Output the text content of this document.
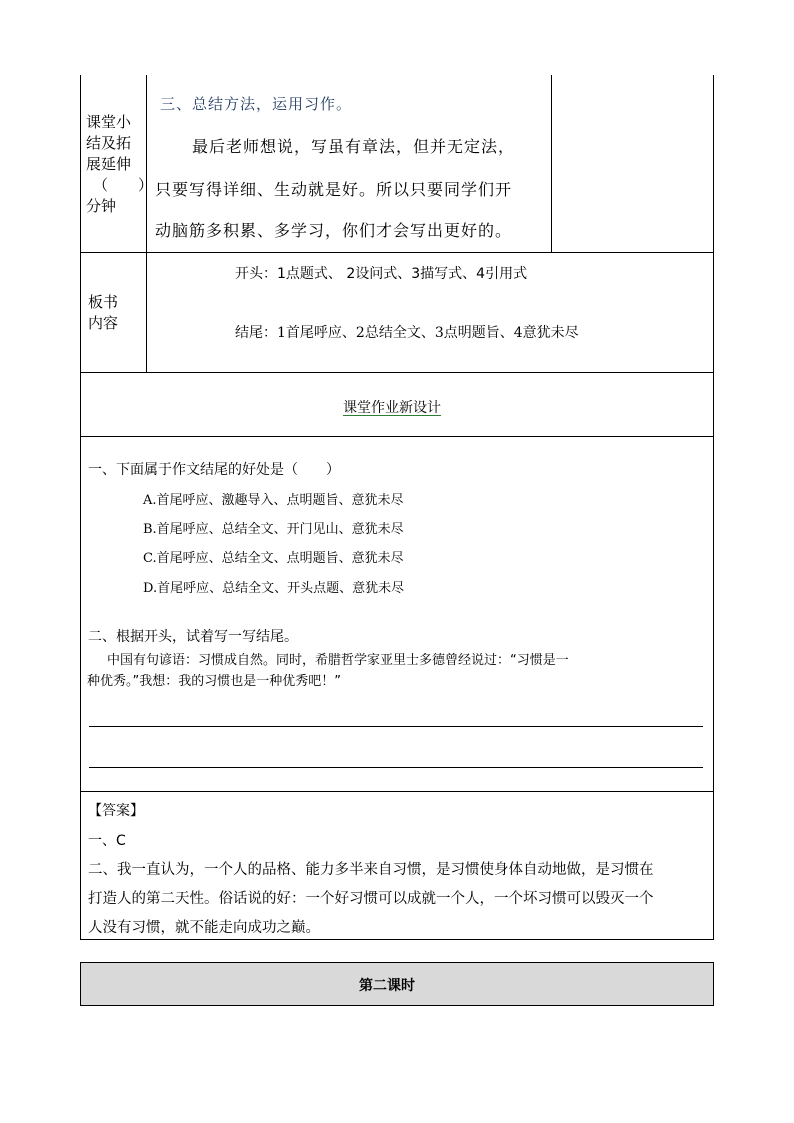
课堂小
结及拓
展延伸
（　　）
分钟
三、总结方法，运用习作。
最后老师想说，写虽有章法，但并无定法，
只要写得详细、生动就是好。所以只要同学们开
动脑筋多积累、多学习，你们才会写出更好的。
板书
内容
开头：1点题式、 2设问式、3描写式、4引用式
结尾：1首尾呼应、2总结全文、3点明题旨、4意犹未尽
课堂作业新设计
一、下面属于作文结尾的好处是（　　）
A.首尾呼应、激趣导入、点明题旨、意犹未尽
B.首尾呼应、总结全文、开门见山、意犹未尽
C.首尾呼应、总结全文、点明题旨、意犹未尽
D.首尾呼应、总结全文、开头点题、意犹未尽
二、根据开头，试着写一写结尾。
中国有句谚语：习惯成自然。同时，希腊哲学家亚里士多德曾经说过：“习惯是一
种优秀。”我想：我的习惯也是一种优秀吧！”
【答案】
一、C
二、我一直认为，一个人的品格、能力多半来自习惯，是习惯使身体自动地做，是习惯在
打造人的第二天性。俗话说的好：一个好习惯可以成就一个人，一个坏习惯可以毁灭一个
人没有习惯，就不能走向成功之巅。
第二课时
